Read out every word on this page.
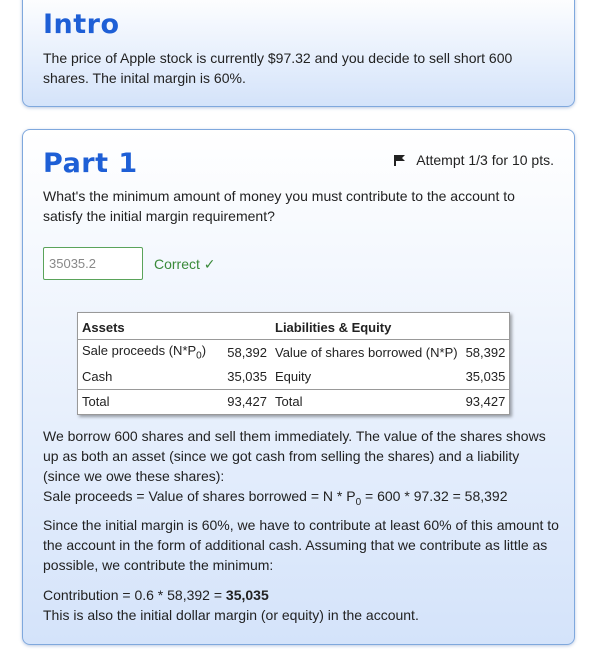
Intro
The price of Apple stock is currently $97.32 and you decide to sell short 600 shares. The inital margin is 60%.
Part 1	Attempt 1/3 for 10 pts.
What's the minimum amount of money you must contribute to the account to satisfy the initial margin requirement?
35035.2
Correct ✓
Assets		Liabilities & Equity	
Sale proceeds $(N*P_0)$	58,392	Value of shares borrowed (N*P)	58,392
Cash	35,035	Equity	35,035
Total	93,427	Total	93,427
We borrow 600 shares and sell them immediately. The value of the shares shows
up as both an asset (since we got cash from selling the shares) and a liability
(since we owe these shares):
Sale proceeds = Value of shares borrowed = $N * P_0 = 600 * 97.32 = 58,392$
Since the initial margin is 60%, we have to contribute at least 60% of this amount to the account in the form of additional cash. Assuming that we contribute as little as possible, we contribute the minimum:
Contribution = 0.6 * 58,392 = 35,035
This is also the initial dollar margin (or equity) in the account.
